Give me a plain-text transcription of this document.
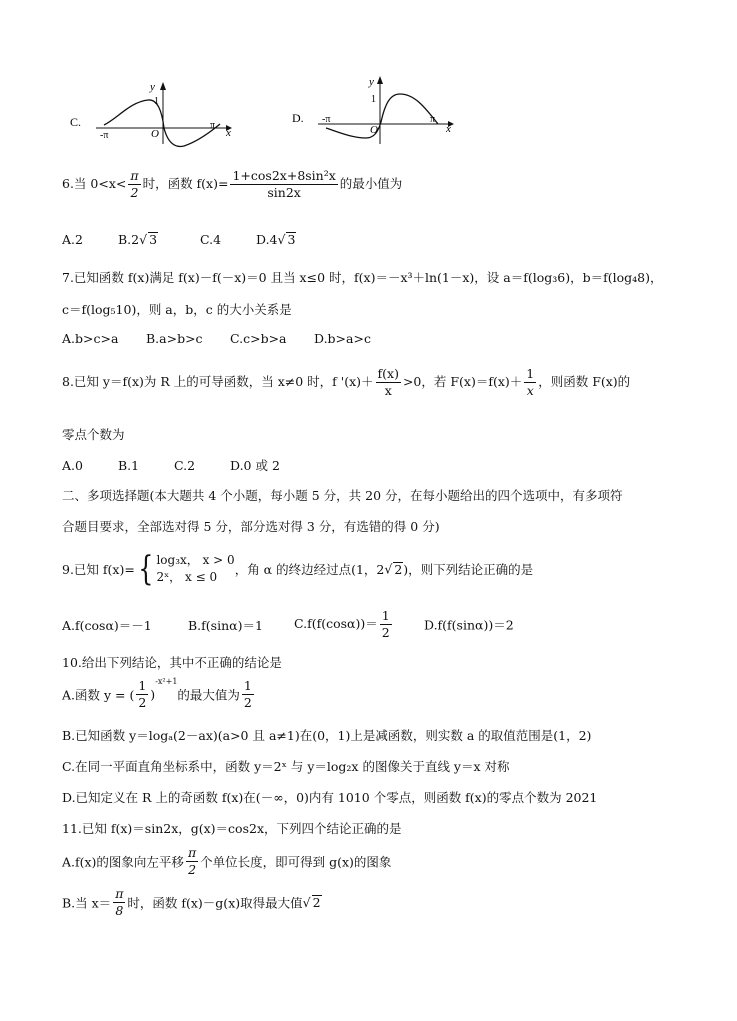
C.
y
1
O
-π
π
x
D.
y
1
O
-π	π
x
6.当 $0<x< \frac{\pi}{2}$ 时，函数 $f(x)= \frac{\text{1+cos2x+8sin²x}}{\sin 2x}$ 的最小值为
A.2	B.2√ 3	C.4	D.4√ 3
7.已知函数 f(x)满足 f(x)－f(－x)＝0 且当 x≤0 时，f(x)＝－x³＋ln(1－x)，设 a＝f(log₃6)，b＝f(log₄8)，
c＝f(log₅10)，则 a，b，c 的大小关系是
A.b>c>a B.a>b>c C.c>b>a D.b>a>c
8.已知 y＝f(x)为 R 上的可导函数，当 x≠0 时，f '$(x)+ \frac{f(x)}{x} >0$，若 $F(x)=f(x)+ \frac{1}{x}$ ，则函数 F(x)的
零点个数为
A.0	B.1	C.2	D.0 或 2
二、多项选择题(本大题共 4 个小题，每小题 5 分，共 20 分，在每小题给出的四个选项中，有多项符
合题目要求，全部选对得 5 分，部分选对得 3 分，有选错的得 0 分)
9.已知 f(x)={ log₃x， x > 0
2ˣ， x ≤ 0	，角 α 的终边经过点(1，2√ 2)，则下列结论正确的是
A.f(cosα)＝－1	B.f(sinα)＝1 $C.f(f(\cos\alpha))= \frac{1}{2}$	D.f(f(sinα))＝2
10.给出下列结论，其中不正确的结论是
A.函数 y = ( $\frac{1}{2} )^{-x^2+1}$的最大值为 $\frac{1}{2}$
B.已知函数 y＝logₐ(2－ax)(a>0 且 a≠1)在(0，1)上是减函数，则实数 a 的取值范围是(1，2)
C.在同一平面直角坐标系中，函数 y＝2ˣ 与 y＝log₂x 的图像关于直线 y＝x 对称
D.已知定义在 R 上的奇函数 f(x)在(－∞，0)内有 1010 个零点，则函数 f(x)的零点个数为 2021
11.已知 f(x)＝sin2x，g(x)＝cos2x，下列四个结论正确的是
A.f(x)的图象向左平移 $\frac{\pi}{2}$ 个单位长度，即可得到 g(x)的图象
B.当 $x= \frac{\pi}{8}$ 时，函数 f(x)－g(x)取得最大值√ 2
